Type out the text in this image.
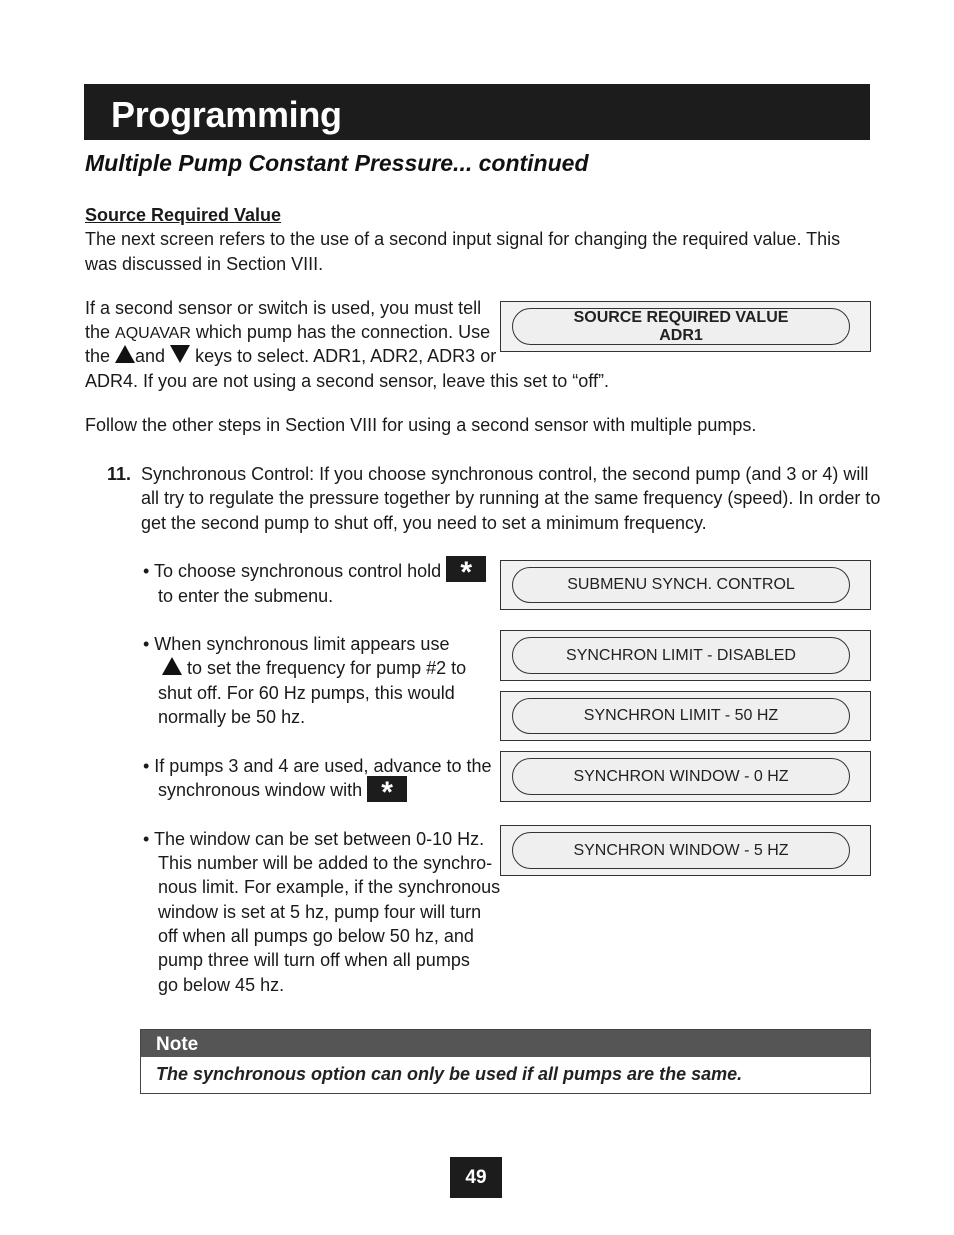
Programming
Multiple Pump Constant Pressure... continued
Source Required Value
The next screen refers to the use of a second input signal for changing the required value. This was discussed in Section VIII.
If a second sensor or switch is used, you must tell
the AQUAVAR which pump has the connection. Use
the and  keys to select. ADR1, ADR2, ADR3 or
ADR4. If you are not using a second sensor, leave this set to “off”.
SOURCE REQUIRED VALUE
ADR1
Follow the other steps in Section VIII for using a second sensor with multiple pumps.
11. Synchronous Control: If you choose synchronous control, the second pump (and 3 or 4) will
all try to regulate the pressure together by running at the same frequency (speed). In order to
get the second pump to shut off, you need to set a minimum frequency.
• To choose synchronous control hold *
to enter the submenu.
• When synchronous limit appears use
to set the frequency for pump #2 to
shut off. For 60 Hz pumps, this would
normally be 50 hz.
• If pumps 3 and 4 are used, advance to the
synchronous window with *
• The window can be set between 0-10 Hz.
This number will be added to the synchro-
nous limit. For example, if the synchronous
window is set at 5 hz, pump four will turn
off when all pumps go below 50 hz, and
pump three will turn off when all pumps
go below 45 hz.
SUBMENU SYNCH. CONTROL
SYNCHRON LIMIT - DISABLED
SYNCHRON LIMIT - 50 HZ
SYNCHRON WINDOW - 0 HZ
SYNCHRON WINDOW - 5 HZ
Note
The synchronous option can only be used if all pumps are the same.
49
